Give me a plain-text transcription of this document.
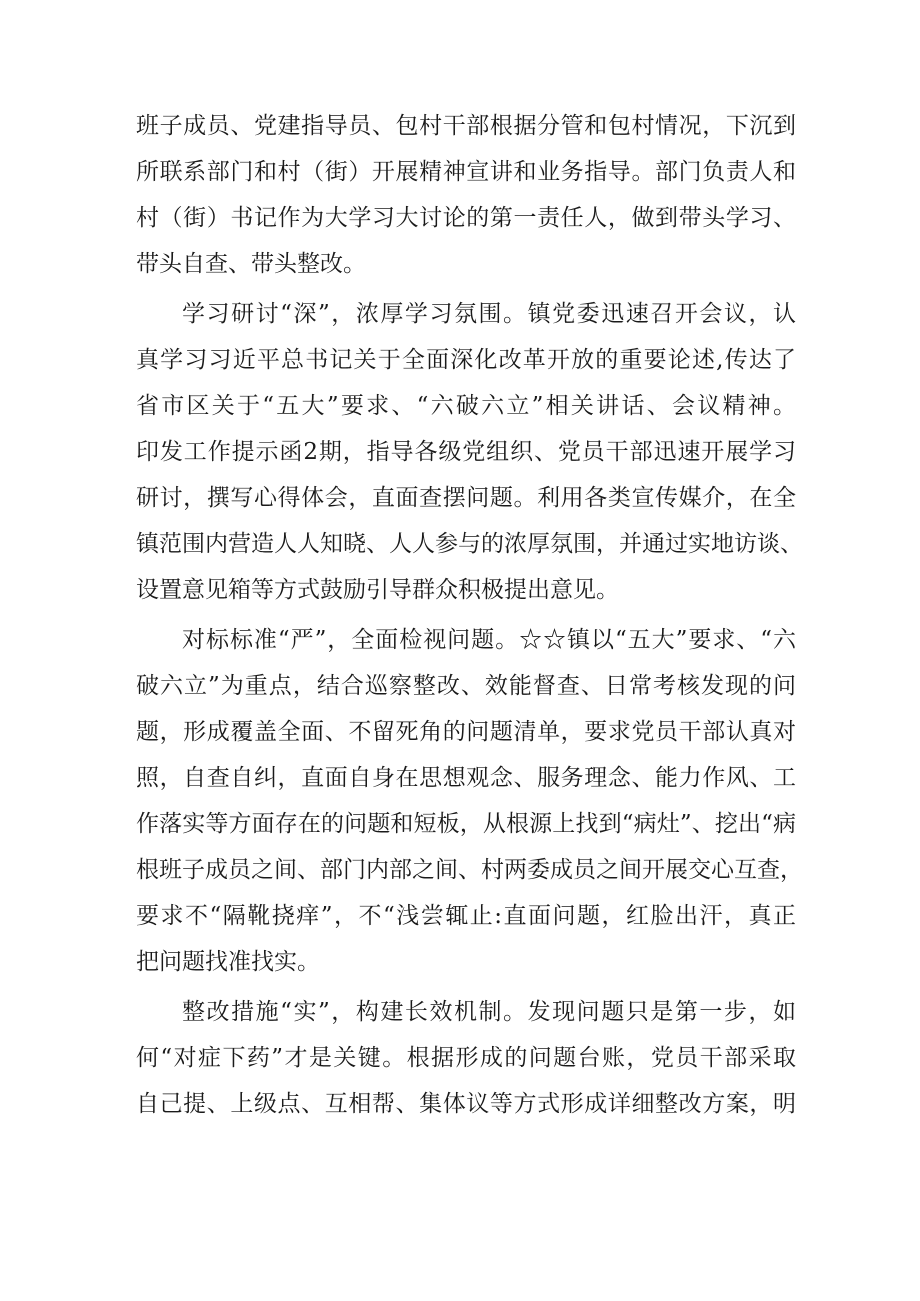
班子成员、党建指导员、包村干部根据分管和包村情况，下沉到
所联系部门和村（街）开展精神宣讲和业务指导。部门负责人和
村（街）书记作为大学习大讨论的第一责任人，做到带头学习、
带头自查、带头整改。
学习研讨“深”，浓厚学习氛围。镇党委迅速召开会议，认
真学习习近平总书记关于全面深化改革开放的重要论述,传达了
省市区关于“五大”要求、“六破六立”相关讲话、会议精神。
印发工作提示函2期，指导各级党组织、党员干部迅速开展学习
研讨，撰写心得体会，直面查摆问题。利用各类宣传媒介，在全
镇范围内营造人人知晓、人人参与的浓厚氛围，并通过实地访谈、
设置意见箱等方式鼓励引导群众积极提出意见。
对标标准“严”，全面检视问题。☆☆镇以“五大”要求、“六
破六立”为重点，结合巡察整改、效能督查、日常考核发现的问
题，形成覆盖全面、不留死角的问题清单，要求党员干部认真对
照，自查自纠，直面自身在思想观念、服务理念、能力作风、工
作落实等方面存在的问题和短板，从根源上找到“病灶”、挖出“病
根班子成员之间、部门内部之间、村两委成员之间开展交心互查，
要求不“隔靴挠痒”，不“浅尝辄止:直面问题，红脸出汗，真正
把问题找准找实。
整改措施“实”，构建长效机制。发现问题只是第一步，如
何“对症下药”才是关键。根据形成的问题台账，党员干部采取
自己提、上级点、互相帮、集体议等方式形成详细整改方案，明
